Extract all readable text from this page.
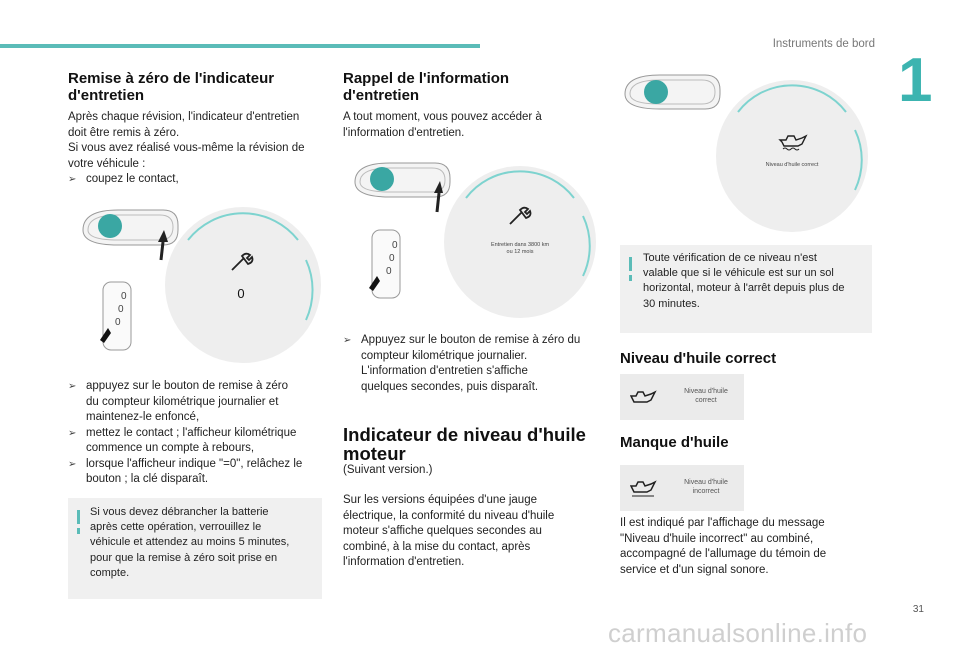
Instruments de bord
1
Remise à zéro de l'indicateur
d'entretien

Après chaque révision, l'indicateur d'entretien

doit être remis à zéro.

Si vous avez réalisé vous-même la révision de

votre véhicule :

➢ coupez le contact,
0
0
0
0
➢ appuyez sur le bouton de remise à zéro
du compteur kilométrique journalier et
maintenez-le enfoncé,
➢ mettez le contact ; l'afficheur kilométrique
commence un compte à rebours,
➢ lorsque l'afficheur indique "=0", relâchez le
bouton ; la clé disparaît.

Si vous devez débrancher la batterie

après cette opération, verrouillez le

véhicule et attendez au moins 5 minutes,

pour que la remise à zéro soit prise en

compte.

Rappel de l'information
d'entretien

A tout moment, vous pouvez accéder à

l'information d'entretien.

Entretien dans 3800 km
ou 12 mois
0
0
0
➢ Appuyez sur le bouton de remise à zéro du
compteur kilométrique journalier.
L'information d'entretien s'affiche
quelques secondes, puis disparaît.
Indicateur de niveau d'huile
moteur

(Suivant version.)

Sur les versions équipées d'une jauge

électrique, la conformité du niveau d'huile

moteur s'affiche quelques secondes au

combiné, à la mise du contact, après

l'information d'entretien.

Niveau d'huile correct

Toute vérification de ce niveau n'est

valable que si le véhicule est sur un sol

horizontal, moteur à l'arrêt depuis plus de

30 minutes.

Niveau d'huile correct
Niveau d'huile
correct
Manque d'huile
Niveau d'huile
incorrect

Il est indiqué par l'affichage du message

"Niveau d'huile incorrect" au combiné,

accompagné de l'allumage du témoin de

service et d'un signal sonore.

31
carmanualsonline.info
